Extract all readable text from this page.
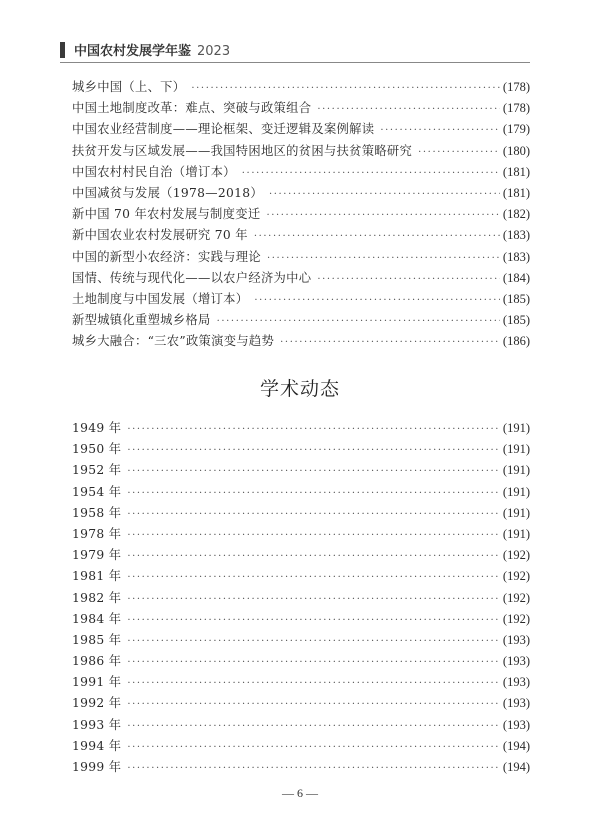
中国农村发展学年鉴 2023
城乡中国（上、下） ·····	(178)
中国土地制度改革：难点、突破与政策组合 ·····	(178)
中国农业经营制度——理论框架、变迁逻辑及案例解读 ·····	(179)
扶贫开发与区域发展——我国特困地区的贫困与扶贫策略研究 ·····	(180)
中国农村村民自治（增订本） ·····	(181)
中国减贫与发展（1978—2018） ·····	(181)
新中国 70 年农村发展与制度变迁 ·····	(182)
新中国农业农村发展研究 70 年 ·····	(183)
中国的新型小农经济：实践与理论 ·····	(183)
国情、传统与现代化——以农户经济为中心 ·····	(184)
土地制度与中国发展（增订本） ·····	(185)
新型城镇化重塑城乡格局 ·····	(185)
城乡大融合：“三农”政策演变与趋势 ·····	(186)
学术动态
1949 年 ·····	(191)
1950 年 ·····	(191)
1952 年 ·····	(191)
1954 年 ·····	(191)
1958 年 ·····	(191)
1978 年 ·····	(191)
1979 年 ·····	(192)
1981 年 ·····	(192)
1982 年 ·····	(192)
1984 年 ·····	(192)
1985 年 ·····	(193)
1986 年 ·····	(193)
1991 年 ·····	(193)
1992 年 ·····	(193)
1993 年 ·····	(193)
1994 年 ·····	(194)
1999 年 ·····	(194)
— 6 —
